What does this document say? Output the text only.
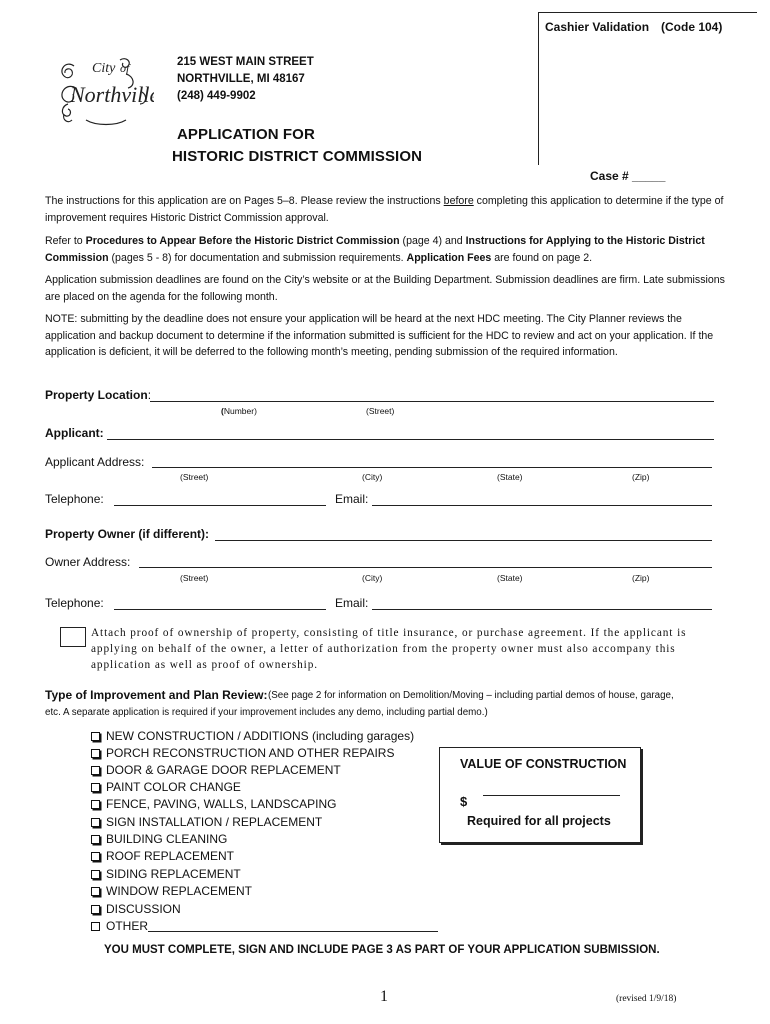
Cashier Validation (Code 104)
City of
Northville
215 WEST MAIN STREET
NORTHVILLE, MI 48167
(248) 449-9902
APPLICATION FOR
HISTORIC DISTRICT COMMISSION
Case # _____
The instructions for this application are on Pages 5–8. Please review the instructions before completing this application to determine if the type of improvement requires Historic District Commission approval.
Refer to Procedures to Appear Before the Historic District Commission (page 4) and Instructions for Applying to the Historic District Commission (pages 5 - 8) for documentation and submission requirements. Application Fees are found on page 2.
Application submission deadlines are found on the City’s website or at the Building Department. Submission deadlines are firm. Late submissions are placed on the agenda for the following month.
NOTE: submitting by the deadline does not ensure your application will be heard at the next HDC meeting. The City Planner reviews the application and backup document to determine if the information submitted is sufficient for the HDC to review and act on your application. If the application is deficient, it will be deferred to the following month’s meeting, pending submission of the required information.
Property Location:
(Number)	(Street)
Applicant:
Applicant Address:
(Street)	(City)	(State)	(Zip)
Telephone:	Email:
Property Owner (if different):
Owner Address:
(Street)	(City)	(State)	(Zip)
Telephone:	Email:
Attach proof of ownership of property, consisting of title insurance, or purchase agreement. If the applicant is applying on behalf of the owner, a letter of authorization from the property owner must also accompany this application as well as proof of ownership.
Type of Improvement and Plan Review: (See page 2 for information on Demolition/Moving – including partial demos of house, garage,
etc. A separate application is required if your improvement includes any demo, including partial demo.)
NEW CONSTRUCTION / ADDITIONS (including garages)
PORCH RECONSTRUCTION AND OTHER REPAIRS
DOOR & GARAGE DOOR REPLACEMENT
PAINT COLOR CHANGE
FENCE, PAVING, WALLS, LANDSCAPING
SIGN INSTALLATION / REPLACEMENT
BUILDING CLEANING
ROOF REPLACEMENT
SIDING REPLACEMENT
WINDOW REPLACEMENT
DISCUSSION
OTHER
VALUE OF CONSTRUCTION
$
Required for all projects
YOU MUST COMPLETE, SIGN AND INCLUDE PAGE 3 AS PART OF YOUR APPLICATION SUBMISSION.
1	(revised 1/9/18)
